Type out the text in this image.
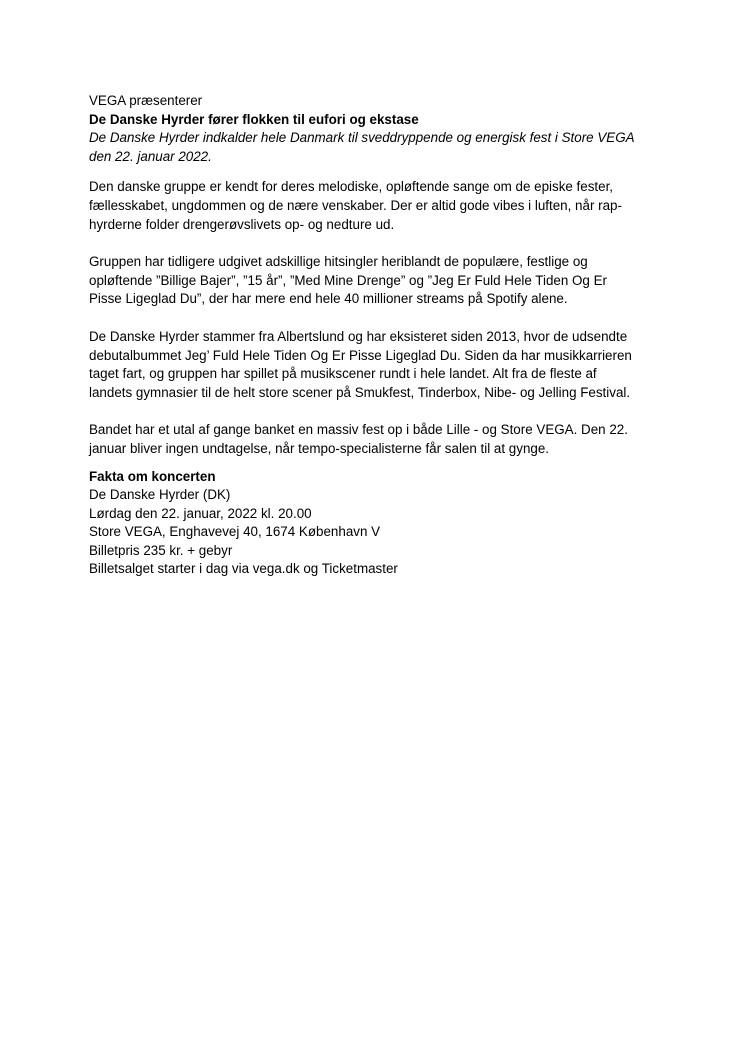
VEGA præsenterer
De Danske Hyrder fører flokken til eufori og ekstase
De Danske Hyrder indkalder hele Danmark til sveddryppende og energisk fest i Store VEGA
den 22. januar 2022.
Den danske gruppe er kendt for deres melodiske, opløftende sange om de episke fester,
fællesskabet, ungdommen og de nære venskaber. Der er altid gode vibes i luften, når rap-
hyrderne folder drengerøvslivets op- og nedture ud.
Gruppen har tidligere udgivet adskillige hitsingler heriblandt de populære, festlige og
opløftende ”Billige Bajer”, ”15 år”, ”Med Mine Drenge” og ”Jeg Er Fuld Hele Tiden Og Er
Pisse Ligeglad Du”, der har mere end hele 40 millioner streams på Spotify alene.
De Danske Hyrder stammer fra Albertslund og har eksisteret siden 2013, hvor de udsendte
debutalbummet Jeg’ Fuld Hele Tiden Og Er Pisse Ligeglad Du. Siden da har musikkarrieren
taget fart, og gruppen har spillet på musikscener rundt i hele landet. Alt fra de fleste af
landets gymnasier til de helt store scener på Smukfest, Tinderbox, Nibe- og Jelling Festival.
Bandet har et utal af gange banket en massiv fest op i både Lille - og Store VEGA. Den 22.
januar bliver ingen undtagelse, når tempo-specialisterne får salen til at gynge.
Fakta om koncerten
De Danske Hyrder (DK)
Lørdag den 22. januar, 2022 kl. 20.00
Store VEGA, Enghavevej 40, 1674 København V
Billetpris 235 kr. + gebyr
Billetsalget starter i dag via vega.dk og Ticketmaster
